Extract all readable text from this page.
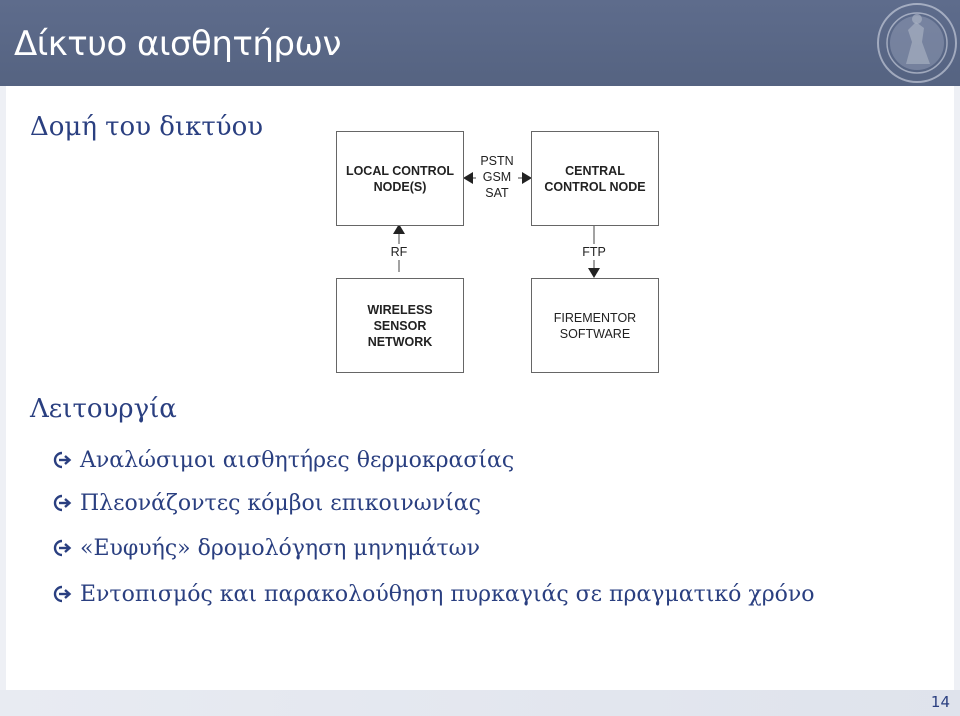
Δίκτυο αισθητήρων
Δομή του δικτύου
LOCAL CONTROL
NODE(S)
CENTRAL
CONTROL NODE
WIRELESS
SENSOR
NETWORK
FIREMENTOR
SOFTWARE
PSTN
GSM
SAT
RF	FTP
Λειτουργία
Αναλώσιμοι αισθητήρες θερμοκρασίας
Πλεονάζοντες κόμβοι επικοινωνίας
«Ευφυής» δρομολόγηση μηνημάτων
Εντοπισμός και παρακολούθηση πυρκαγιάς σε πραγματικό χρόνο
14
